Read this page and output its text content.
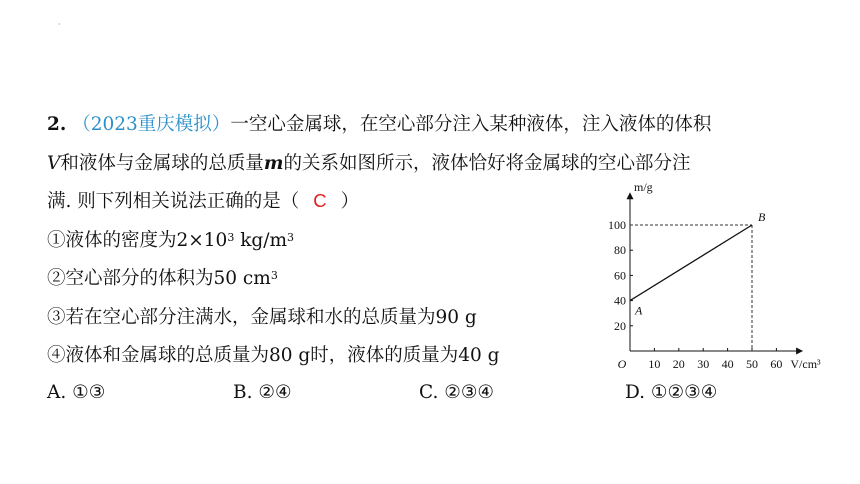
·
2. （2023重庆模拟）一空心金属球，在空心部分注入某种液体，注入液体的体积
V和液体与金属球的总质量m的关系如图所示，液体恰好将金属球的空心部分注
满. 则下列相关说法正确的是（ C ）
①液体的密度为$2\times 10^3$ $kg/m^3$
②空心部分的体积为50 $cm^3$
③若在空心部分注满水，金属球和水的总质量为90 g
④液体和金属球的总质量为80 g时，液体的质量为40 g
A. ①③	B. ②④	C. ②③④	D. ①②③④
10 20 30 40 50 60
20
40
60
80
100
O	V/cm³
m/g
A
B
